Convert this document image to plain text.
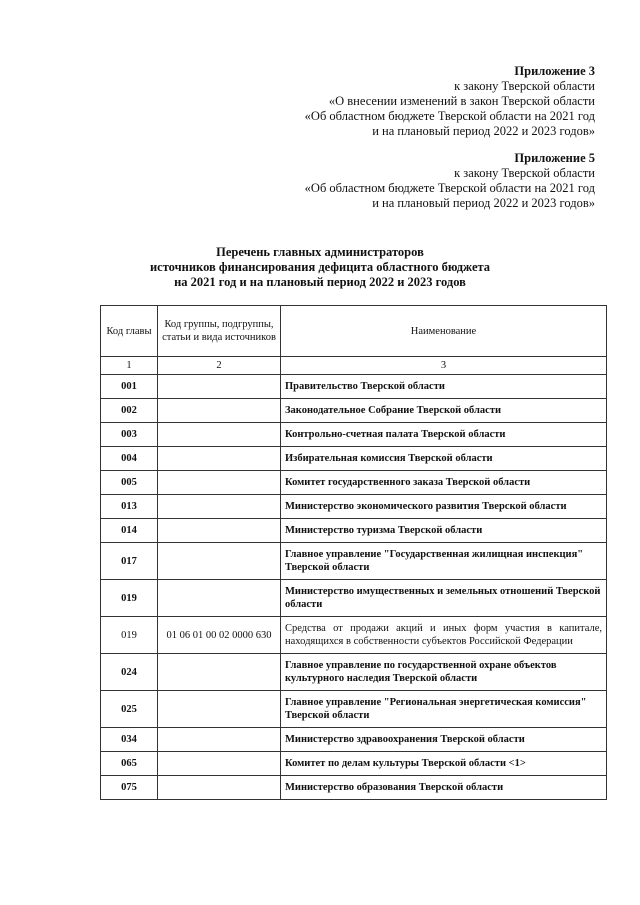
Приложение 3
к закону Тверской области
«О внесении изменений в закон Тверской области
«Об областном бюджете Тверской области на 2021 год
и на плановый период 2022 и 2023 годов»
Приложение 5
к закону Тверской области
«Об областном бюджете Тверской области на 2021 год
и на плановый период 2022 и 2023 годов»
Перечень главных администраторов
источников финансирования дефицита областного бюджета
на 2021 год и на плановый период 2022 и 2023 годов
Код главы	Код группы, подгруппы, статьи и вида источников	Наименование
1	2	3
001		Правительство Тверской области
002		Законодательное Собрание Тверской области
003		Контрольно-счетная палата Тверской области
004		Избирательная комиссия Тверской области
005		Комитет государственного заказа Тверской области
013		Министерство экономического развития Тверской области
014		Министерство туризма Тверской области
017		Главное управление "Государственная жилищная инспекция" Тверской области
019		Министерство имущественных и земельных отношений Тверской области
019	01 06 01 00 02 0000 630	Средства от продажи акций и иных форм участия в капитале, находящихся в собственности субъектов Российской Федерации
024		Главное управление по государственной охране объектов культурного наследия Тверской области
025		Главное управление "Региональная энергетическая комиссия" Тверской области
034		Министерство здравоохранения Тверской области
065		Комитет по делам культуры Тверской области <1>
075		Министерство образования Тверской области
